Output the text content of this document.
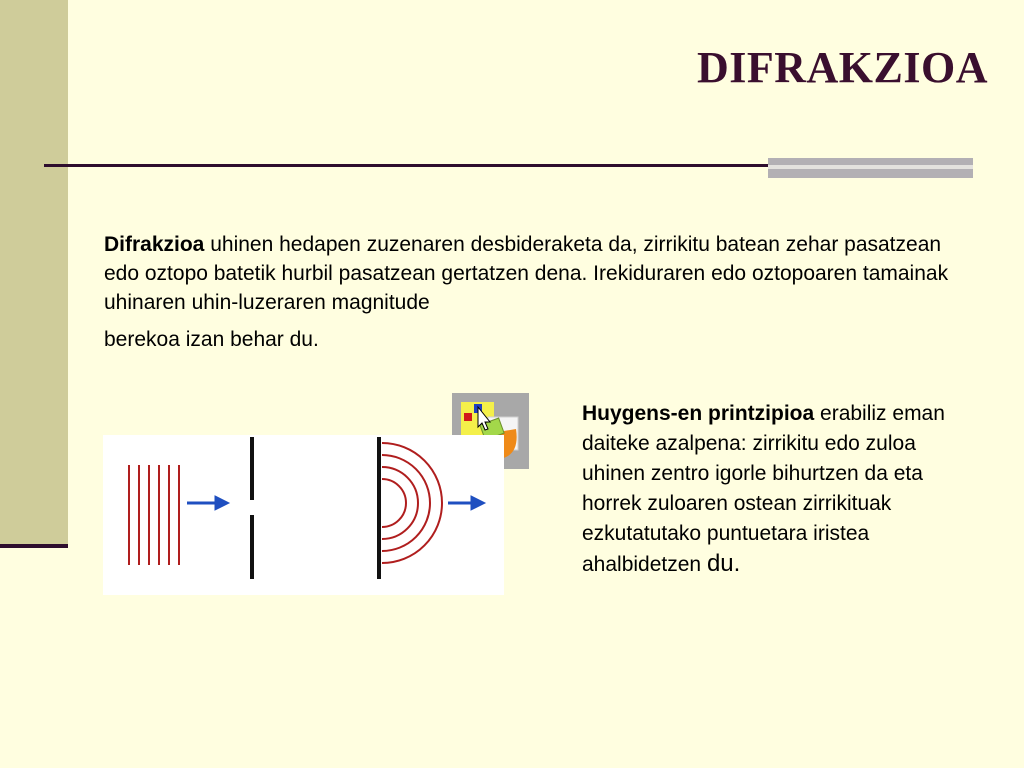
DIFRAKZIOA
Difrakzioa uhinen hedapen zuzenaren desbideraketa da, zirrikitu batean zehar pasatzean edo oztopo batetik hurbil pasatzean gertatzen dena. Irekiduraren edo oztopoaren tamainak uhinaren uhin-luzeraren magnitude
berekoa izan behar du.
Huygens-en printzipioa erabiliz eman daiteke azalpena: zirrikitu edo zuloa uhinen zentro igorle bihurtzen da eta horrek zuloaren ostean zirrikituak ezkutatutako puntuetara iristea ahalbidetzen du.
